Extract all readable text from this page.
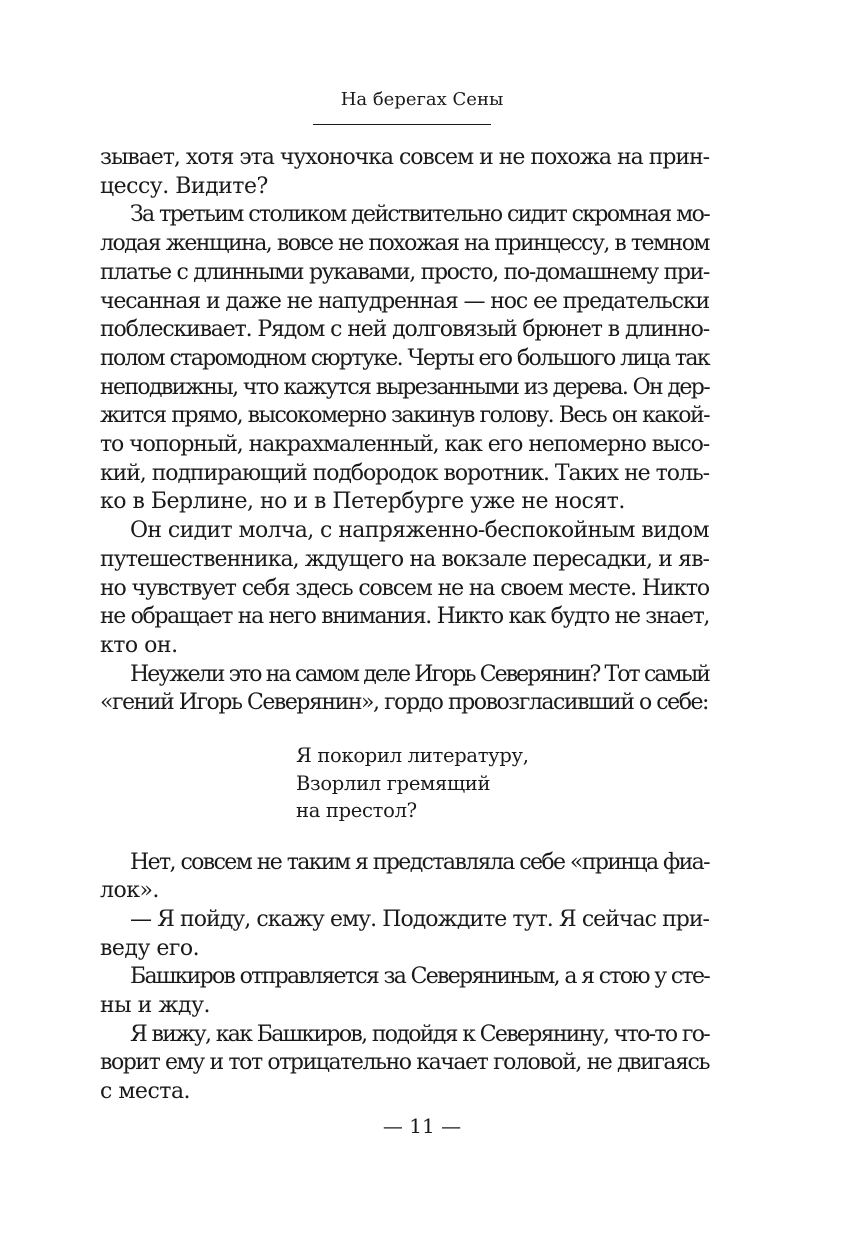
На берегах Сены

зывает, хотя эта чухоночка совсем и не похожа на прин-
цессу. Видите?

За третьим столиком действительно сидит скромная мо-
лодая женщина, вовсе не похожая на принцессу, в темном
платье с длинными рукавами, просто, по-домашнему при-
чесанная и даже не напудренная — нос ее предательски
поблескивает. Рядом с ней долговязый брюнет в длинно-
полом старомодном сюртуке. Черты его большого лица так
неподвижны, что кажутся вырезанными из дерева. Он дер-
жится прямо, высокомерно закинув голову. Весь он какой-
то чопорный, накрахмаленный, как его непомерно высо-
кий, подпирающий подбородок воротник. Таких не толь-
ко в Берлине, но и в Петербурге уже не носят.

Он сидит молча, с напряженно-беспокойным видом
путешественника, ждущего на вокзале пересадки, и яв-
но чувствует себя здесь совсем не на своем месте. Никто
не обращает на него внимания. Никто как будто не знает,
кто он.

Неужели это на самом деле Игорь Северянин? Тот самый
«гений Игорь Северянин», гордо провозгласивший о себе:

Я покорил литературу,
Взорлил гремящий
на престол?

Нет, совсем не таким я представляла себе «принца фиа-
лок».

— Я пойду, скажу ему. Подождите тут. Я сейчас при-
веду его.

Башкиров отправляется за Северяниным, а я стою у сте-
ны и жду.

Я вижу, как Башкиров, подойдя к Северянину, что-то го-
ворит ему и тот отрицательно качает головой, не двигаясь
с места.

— 11 —
